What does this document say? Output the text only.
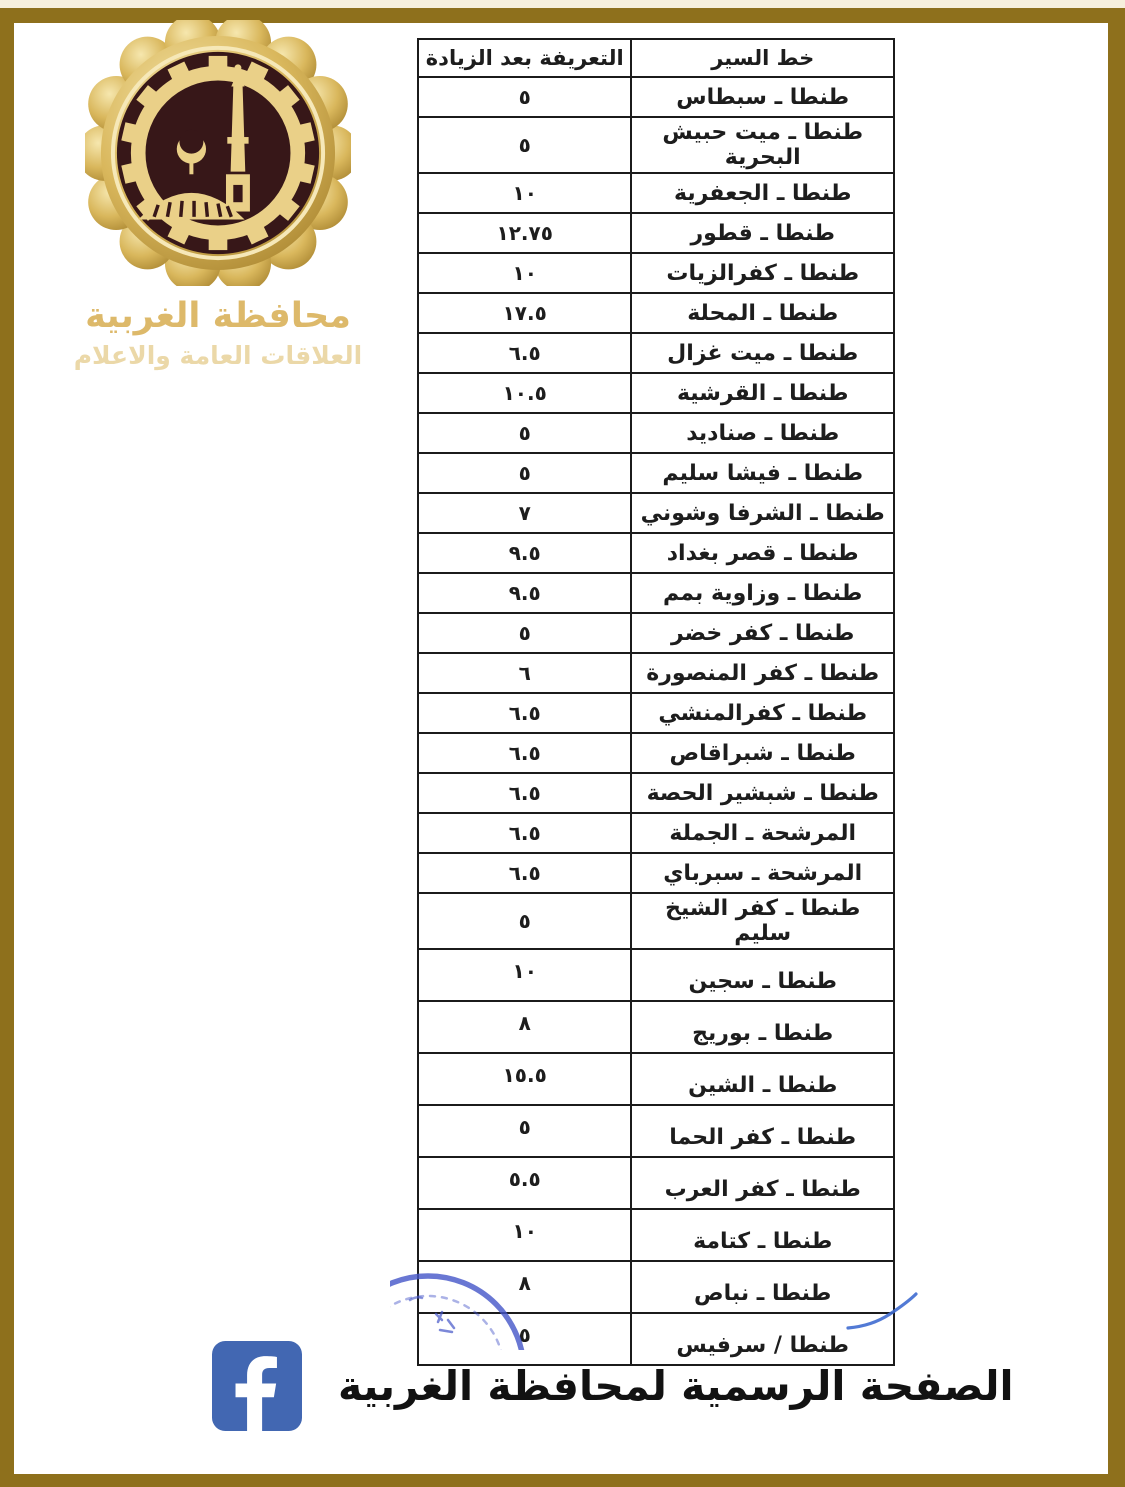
محافظة الغربية
العلاقات العامة والاعلام
خط السير	التعريفة بعد الزيادة
طنطا ـ سبطاس	٥
طنطا ـ ميت حبيش البحرية	٥
طنطا ـ الجعفرية	١٠
طنطا ـ قطور	١٢.٧٥
طنطا ـ كفرالزيات	١٠
طنطا ـ المحلة	١٧.٥
طنطا ـ ميت غزال	٦.٥
طنطا ـ القرشية	١٠.٥
طنطا ـ صناديد	٥
طنطا ـ فيشا سليم	٥
طنطا ـ الشرفا وشوني	٧
طنطا ـ قصر بغداد	٩.٥
طنطا ـ وزاوية بمم	٩.٥
طنطا ـ كفر خضر	٥
طنطا ـ كفر المنصورة	٦
طنطا ـ كفرالمنشي	٦.٥
طنطا ـ شبراقاص	٦.٥
طنطا ـ شبشير الحصة	٦.٥
المرشحة ـ الجملة	٦.٥
المرشحة ـ سبرباي	٦.٥
طنطا ـ كفر الشيخ سليم	٥
طنطا ـ سجين	١٠
طنطا ـ بوريج	٨
طنطا ـ الشين	١٥.٥
طنطا ـ كفر الحما	٥
طنطا ـ كفر العرب	٥.٥
طنطا ـ كتامة	١٠
طنطا ـ نباص	٨
طنطا / سرفيس	٥
الصفحة الرسمية لمحافظة الغربية
